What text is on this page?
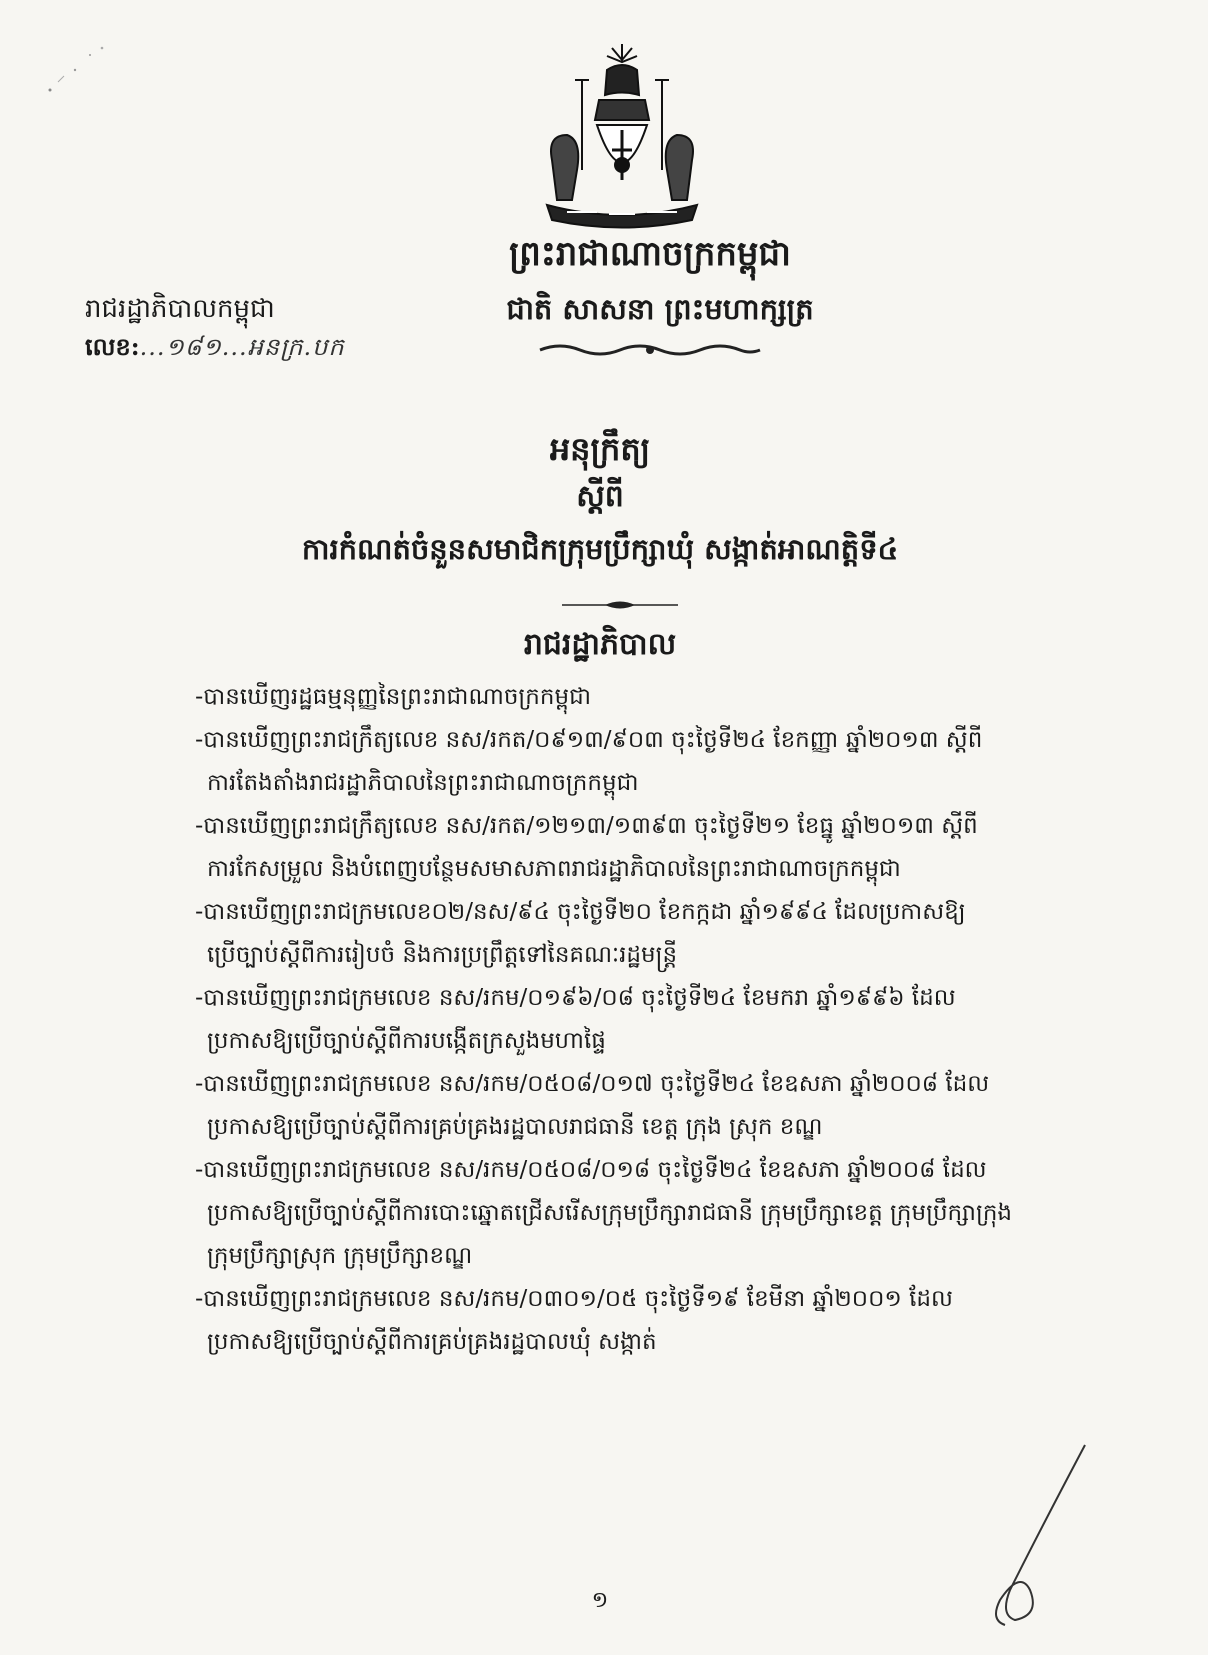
ព្រះរាជាណាចក្រកម្ពុជា
ជាតិ សាសនា ព្រះមហាក្សត្រ
រាជរដ្ឋាភិបាលកម្ពុជា
លេខ:...១៨១...អនក្រ.បក
អនុក្រឹត្យ
ស្តីពី
ការកំណត់ចំនួនសមាជិកក្រុមប្រឹក្សាឃុំ សង្កាត់អាណត្តិទី៤
រាជរដ្ឋាភិបាល

-បានឃើញរដ្ឋធម្មនុញ្ញនៃព្រះរាជាណាចក្រកម្ពុជា

-បានឃើញព្រះរាជក្រឹត្យលេខ នស/រកត/០៩១៣/៩០៣ ចុះថ្ងៃទី២៤ ខែកញ្ញា ឆ្នាំ២០១៣ ស្តីពី
ការតែងតាំងរាជរដ្ឋាភិបាលនៃព្រះរាជាណាចក្រកម្ពុជា

-បានឃើញព្រះរាជក្រឹត្យលេខ នស/រកត/១២១៣/១៣៩៣ ចុះថ្ងៃទី២១ ខែធ្នូ ឆ្នាំ២០១៣ ស្តីពី
ការកែសម្រួល និងបំពេញបន្ថែមសមាសភាពរាជរដ្ឋាភិបាលនៃព្រះរាជាណាចក្រកម្ពុជា

-បានឃើញព្រះរាជក្រមលេខ០២/នស/៩៤ ចុះថ្ងៃទី២០ ខែកក្កដា ឆ្នាំ១៩៩៤ ដែលប្រកាសឱ្យ
ប្រើច្បាប់ស្តីពីការរៀបចំ និងការប្រព្រឹត្តទៅនៃគណៈរដ្ឋមន្ត្រី

-បានឃើញព្រះរាជក្រមលេខ នស/រកម/០១៩៦/០៨ ចុះថ្ងៃទី២៤ ខែមករា ឆ្នាំ១៩៩៦ ដែល
ប្រកាសឱ្យប្រើច្បាប់ស្តីពីការបង្កើតក្រសួងមហាផ្ទៃ

-បានឃើញព្រះរាជក្រមលេខ នស/រកម/០៥០៨/០១៧ ចុះថ្ងៃទី២៤ ខែឧសភា ឆ្នាំ២០០៨ ដែល
ប្រកាសឱ្យប្រើច្បាប់ស្តីពីការគ្រប់គ្រងរដ្ឋបាលរាជធានី ខេត្ត ក្រុង ស្រុក ខណ្ឌ

-បានឃើញព្រះរាជក្រមលេខ នស/រកម/០៥០៨/០១៨ ចុះថ្ងៃទី២៤ ខែឧសភា ឆ្នាំ២០០៨ ដែល
ប្រកាសឱ្យប្រើច្បាប់ស្តីពីការបោះឆ្នោតជ្រើសរើសក្រុមប្រឹក្សារាជធានី ក្រុមប្រឹក្សាខេត្ត ក្រុមប្រឹក្សាក្រុង
ក្រុមប្រឹក្សាស្រុក ក្រុមប្រឹក្សាខណ្ឌ

-បានឃើញព្រះរាជក្រមលេខ នស/រកម/០៣០១/០៥ ចុះថ្ងៃទី១៩ ខែមីនា ឆ្នាំ២០០១ ដែល
ប្រកាសឱ្យប្រើច្បាប់ស្តីពីការគ្រប់គ្រងរដ្ឋបាលឃុំ សង្កាត់

១
